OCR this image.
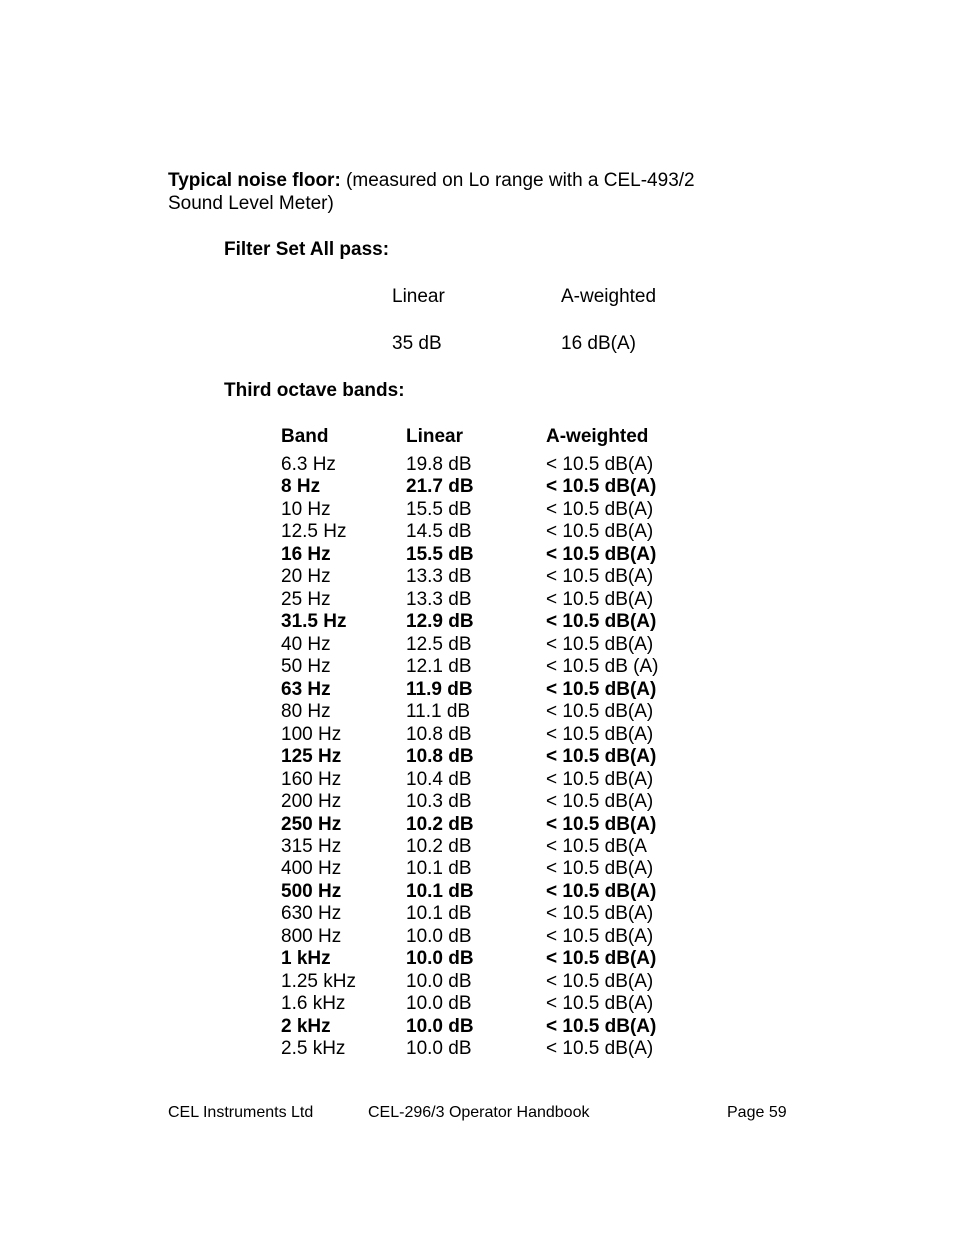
Typical noise floor: (measured on Lo range with a CEL-493/2
Sound Level Meter)
Filter Set All pass:
Linear	A-weighted
35 dB	16 dB(A)
Third octave bands:
Band	Linear	A-weighted
6.3 Hz	19.8 dB	< 10.5 dB(A)
8 Hz	21.7 dB	< 10.5 dB(A)
10 Hz	15.5 dB	< 10.5 dB(A)
12.5 Hz	14.5 dB	< 10.5 dB(A)
16 Hz	15.5 dB	< 10.5 dB(A)
20 Hz	13.3 dB	< 10.5 dB(A)
25 Hz	13.3 dB	< 10.5 dB(A)
31.5 Hz	12.9 dB	< 10.5 dB(A)
40 Hz	12.5 dB	< 10.5 dB(A)
50 Hz	12.1 dB	< 10.5 dB (A)
63 Hz	11.9 dB	< 10.5 dB(A)
80 Hz	11.1 dB	< 10.5 dB(A)
100 Hz	10.8 dB	< 10.5 dB(A)
125 Hz	10.8 dB	< 10.5 dB(A)
160 Hz	10.4 dB	< 10.5 dB(A)
200 Hz	10.3 dB	< 10.5 dB(A)
250 Hz	10.2 dB	< 10.5 dB(A)
315 Hz	10.2 dB	< 10.5 dB(A
400 Hz	10.1 dB	< 10.5 dB(A)
500 Hz	10.1 dB	< 10.5 dB(A)
630 Hz	10.1 dB	< 10.5 dB(A)
800 Hz	10.0 dB	< 10.5 dB(A)
1 kHz	10.0 dB	< 10.5 dB(A)
1.25 kHz	10.0 dB	< 10.5 dB(A)
1.6 kHz	10.0 dB	< 10.5 dB(A)
2 kHz	10.0 dB	< 10.5 dB(A)
2.5 kHz	10.0 dB	< 10.5 dB(A)
CEL Instruments Ltd	CEL-296/3 Operator Handbook	Page 59
